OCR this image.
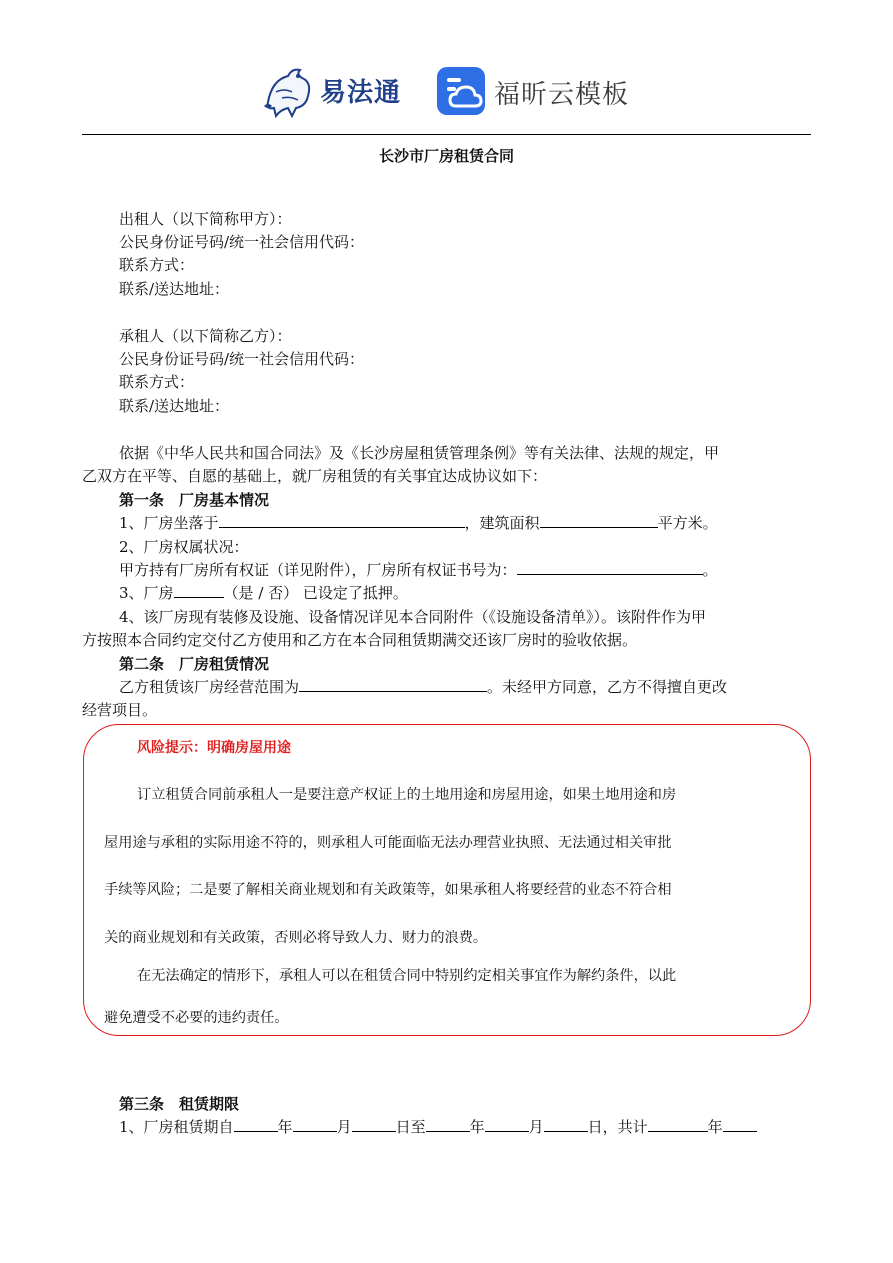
易法通	福昕云模板
长沙市厂房租赁合同
出租人（以下简称甲方）：
公民身份证号码/统一社会信用代码：
联系方式：
联系/送达地址：
承租人（以下简称乙方）：
公民身份证号码/统一社会信用代码：
联系方式：
联系/送达地址：
依据《中华人民共和国合同法》及《长沙房屋租赁管理条例》等有关法律、法规的规定，甲
乙双方在平等、自愿的基础上，就厂房租赁的有关事宜达成协议如下：
第一条　厂房基本情况
1、厂房坐落于	，建筑面积	平方米。
2、厂房权属状况：
甲方持有厂房所有权证（详见附件），厂房所有权证书号为：	。
3、厂房	（是 / 否） 已设定了抵押。
4、该厂房现有装修及设施、设备情况详见本合同附件（《设施设备清单》）。该附件作为甲
方按照本合同约定交付乙方使用和乙方在本合同租赁期满交还该厂房时的验收依据。
第二条　厂房租赁情况
乙方租赁该厂房经营范围为	。未经甲方同意，乙方不得擅自更改
经营项目。
风险提示：明确房屋用途
订立租赁合同前承租人一是要注意产权证上的土地用途和房屋用途，如果土地用途和房
屋用途与承租的实际用途不符的，则承租人可能面临无法办理营业执照、无法通过相关审批
手续等风险；二是要了解相关商业规划和有关政策等，如果承租人将要经营的业态不符合相
关的商业规划和有关政策，否则必将导致人力、财力的浪费。
在无法确定的情形下，承租人可以在租赁合同中特别约定相关事宜作为解约条件，以此
避免遭受不必要的违约责任。
第三条　租赁期限
1、厂房租赁期自	年	月	日至	年	月	日，共计	年
